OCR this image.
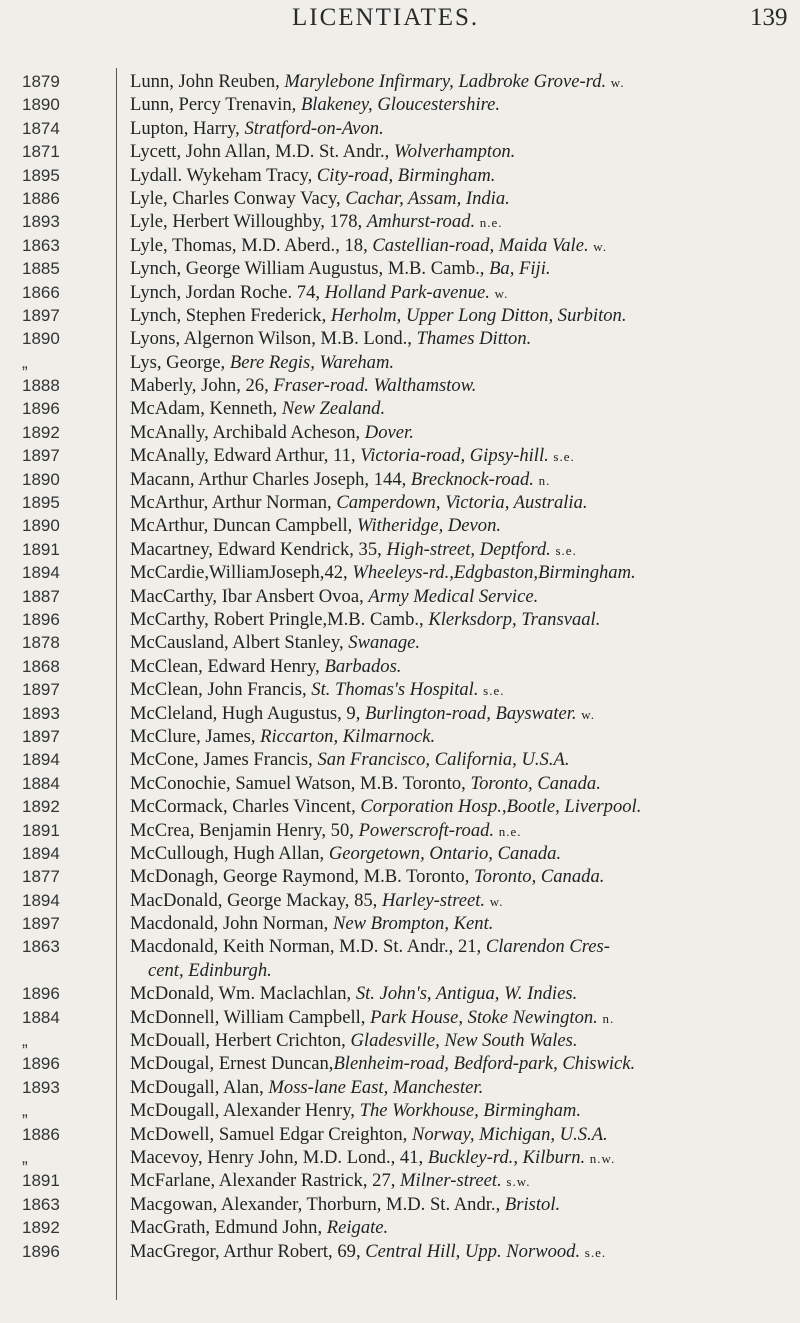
LICENTIATES.	139
1879
1890
1874
1871
1895
1886
1893
1863
1885
1866
1897
1890
„
1888
1896
1892
1897
1890
1895
1890
1891
1894
1887
1896
1878
1868
1897
1893
1897
1894
1884
1892
1891
1894
1877
1894
1897
1863
1896
1884
„
1896
1893
„
1886
„
1891
1863
1892
1896
Lunn, John Reuben, Marylebone Infirmary, Ladbroke Grove-rd. w.
Lunn, Percy Trenavin, Blakeney, Gloucestershire.
Lupton, Harry, Stratford-on-Avon.
Lycett, John Allan, M.D. St. Andr., Wolverhampton.
Lydall. Wykeham Tracy, City-road, Birmingham.
Lyle, Charles Conway Vacy, Cachar, Assam, India.
Lyle, Herbert Willoughby, 178, Amhurst-road. n.e.
Lyle, Thomas, M.D. Aberd., 18, Castellian-road, Maida Vale. w.
Lynch, George William Augustus, M.B. Camb., Ba, Fiji.
Lynch, Jordan Roche. 74, Holland Park-avenue. w.
Lynch, Stephen Frederick, Herholm, Upper Long Ditton, Surbiton.
Lyons, Algernon Wilson, M.B. Lond., Thames Ditton.
Lys, George, Bere Regis, Wareham.
Maberly, John, 26, Fraser-road. Walthamstow.
McAdam, Kenneth, New Zealand.
McAnally, Archibald Acheson, Dover.
McAnally, Edward Arthur, 11, Victoria-road, Gipsy-hill. s.e.
Macann, Arthur Charles Joseph, 144, Brecknock-road. n.
McArthur, Arthur Norman, Camperdown, Victoria, Australia.
McArthur, Duncan Campbell, Witheridge, Devon.
Macartney, Edward Kendrick, 35, High-street, Deptford. s.e.
McCardie,WilliamJoseph,42, Wheeleys-rd.,Edgbaston,Birmingham.
MacCarthy, Ibar Ansbert Ovoa, Army Medical Service.
McCarthy, Robert Pringle,M.B. Camb., Klerksdorp, Transvaal.
McCausland, Albert Stanley, Swanage.
McClean, Edward Henry, Barbados.
McClean, John Francis, St. Thomas's Hospital. s.e.
McCleland, Hugh Augustus, 9, Burlington-road, Bayswater. w.
McClure, James, Riccarton, Kilmarnock.
McCone, James Francis, San Francisco, California, U.S.A.
McConochie, Samuel Watson, M.B. Toronto, Toronto, Canada.
McCormack, Charles Vincent, Corporation Hosp.,Bootle, Liverpool.
McCrea, Benjamin Henry, 50, Powerscroft-road. n.e.
McCullough, Hugh Allan, Georgetown, Ontario, Canada.
McDonagh, George Raymond, M.B. Toronto, Toronto, Canada.
MacDonald, George Mackay, 85, Harley-street. w.
Macdonald, John Norman, New Brompton, Kent.
Macdonald, Keith Norman, M.D. St. Andr., 21, Clarendon Cres-
cent, Edinburgh.
McDonald, Wm. Maclachlan, St. John's, Antigua, W. Indies.
McDonnell, William Campbell, Park House, Stoke Newington. n.
McDouall, Herbert Crichton, Gladesville, New South Wales.
McDougal, Ernest Duncan,Blenheim-road, Bedford-park, Chiswick.
McDougall, Alan, Moss-lane East, Manchester.
McDougall, Alexander Henry, The Workhouse, Birmingham.
McDowell, Samuel Edgar Creighton, Norway, Michigan, U.S.A.
Macevoy, Henry John, M.D. Lond., 41, Buckley-rd., Kilburn. n.w.
McFarlane, Alexander Rastrick, 27, Milner-street. s.w.
Macgowan, Alexander, Thorburn, M.D. St. Andr., Bristol.
MacGrath, Edmund John, Reigate.
MacGregor, Arthur Robert, 69, Central Hill, Upp. Norwood. s.e.
